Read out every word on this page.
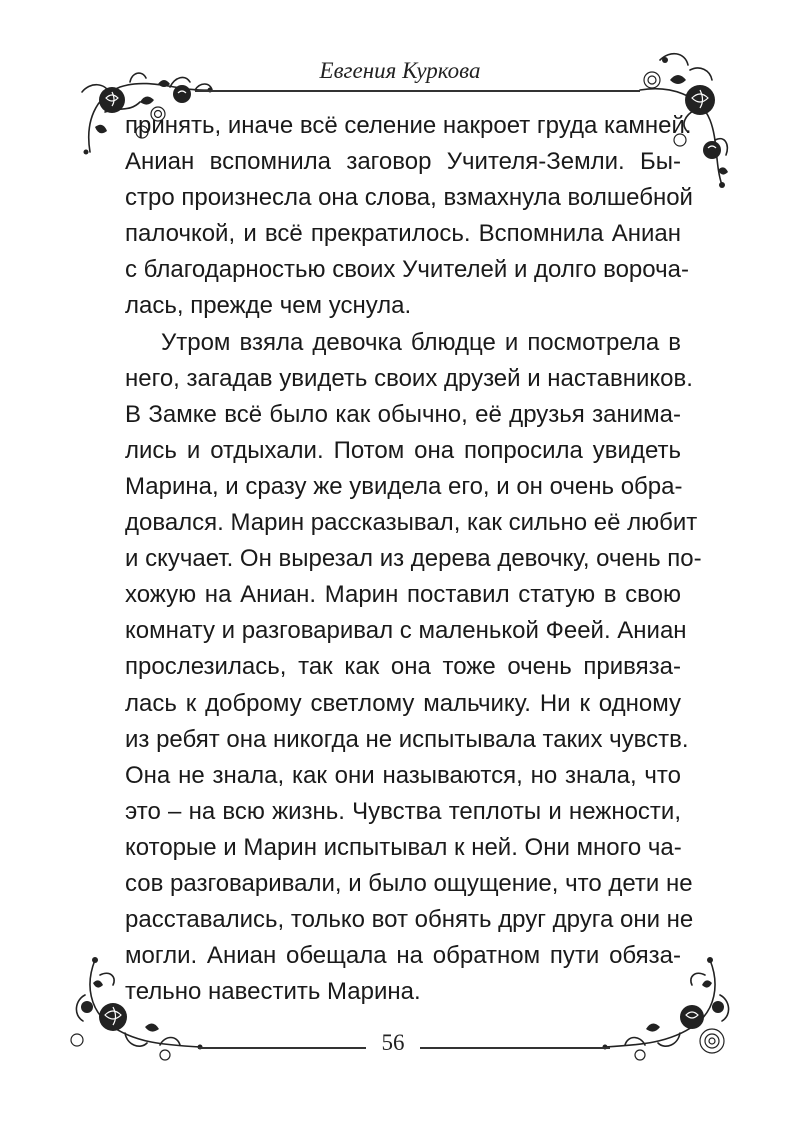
Евгения Куркова
принять, иначе всё селение накроет груда камней.
Аниан вспомнила заговор Учителя-Земли. Бы-
стро произнесла она слова, взмахнула волшебной
палочкой, и всё прекратилось. Вспомнила Аниан
с благодарностью своих Учителей и долго ворочa-
лась, прежде чем уснула.
Утром взяла девочка блюдце и посмотрела в
него, загадав увидеть своих друзей и наставников.
В Замке всё было как обычно, её друзья занима-
лись и отдыхали. Потом она попросила увидеть
Марина, и сразу же увидела его, и он очень обра-
довался. Марин рассказывал, как сильно её любит
и скучает. Он вырезал из дерева девочку, очень по-
хожую на Аниан. Марин поставил статую в свою
комнату и разговаривал с маленькой Феей. Аниан
прослезилась, так как она тоже очень привяза-
лась к доброму светлому мальчику. Ни к одному
из ребят она никогда не испытывала таких чувств.
Она не знала, как они называются, но знала, что
это – на всю жизнь. Чувства теплоты и нежности,
которые и Марин испытывал к ней. Они много ча-
сов разговаривали, и было ощущение, что дети не
расставались, только вот обнять друг друга они не
могли. Аниан обещала на обратном пути обяза-
тельно навестить Марина.
56
